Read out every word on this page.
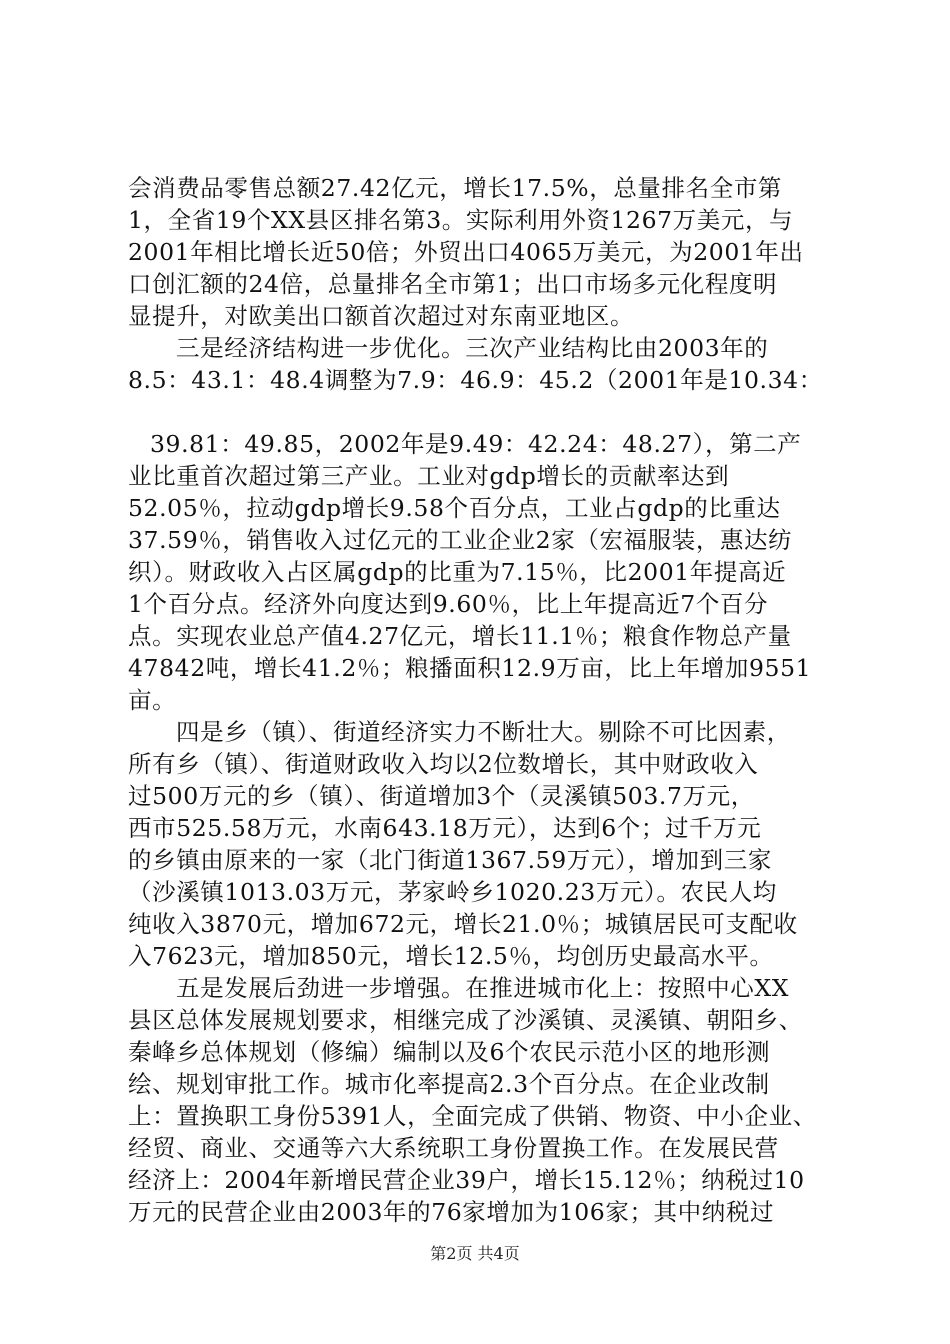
会消费品零售总额27.42亿元，增长17.5%，总量排名全市第
1，全省19个XX县区排名第3。实际利用外资1267万美元，与
2001年相比增长近50倍；外贸出口4065万美元，为2001年出
口创汇额的24倍，总量排名全市第1；出口市场多元化程度明
显提升，对欧美出口额首次超过对东南亚地区。
三是经济结构进一步优化。三次产业结构比由2003年的
8.5：43.1：48.4调整为7.9：46.9：45.2（2001年是10.34：
39.81：49.85，2002年是9.49：42.24：48.27），第二产
业比重首次超过第三产业。工业对gdp增长的贡献率达到
52.05％，拉动gdp增长9.58个百分点，工业占gdp的比重达
37.59％，销售收入过亿元的工业企业2家（宏福服装，惠达纺
织）。财政收入占区属gdp的比重为7.15％，比2001年提高近
1个百分点。经济外向度达到9.60％，比上年提高近7个百分
点。实现农业总产值4.27亿元，增长11.1％；粮食作物总产量
47842吨，增长41.2％；粮播面积12.9万亩，比上年增加9551
亩。
四是乡（镇）、街道经济实力不断壮大。剔除不可比因素，
所有乡（镇）、街道财政收入均以2位数增长，其中财政收入
过500万元的乡（镇）、街道增加3个（灵溪镇503.7万元，
西市525.58万元，水南643.18万元），达到6个；过千万元
的乡镇由原来的一家（北门街道1367.59万元），增加到三家
（沙溪镇1013.03万元，茅家岭乡1020.23万元）。农民人均
纯收入3870元，增加672元，增长21.0％；城镇居民可支配收
入7623元，增加850元，增长12.5％，均创历史最高水平。
五是发展后劲进一步增强。在推进城市化上：按照中心XX
县区总体发展规划要求，相继完成了沙溪镇、灵溪镇、朝阳乡、
秦峰乡总体规划（修编）编制以及6个农民示范小区的地形测
绘、规划审批工作。城市化率提高2.3个百分点。在企业改制
上：置换职工身份5391人，全面完成了供销、物资、中小企业、
经贸、商业、交通等六大系统职工身份置换工作。在发展民营
经济上：2004年新增民营企业39户，增长15.12％；纳税过10
万元的民营企业由2003年的76家增加为106家；其中纳税过
第2页 共4页
